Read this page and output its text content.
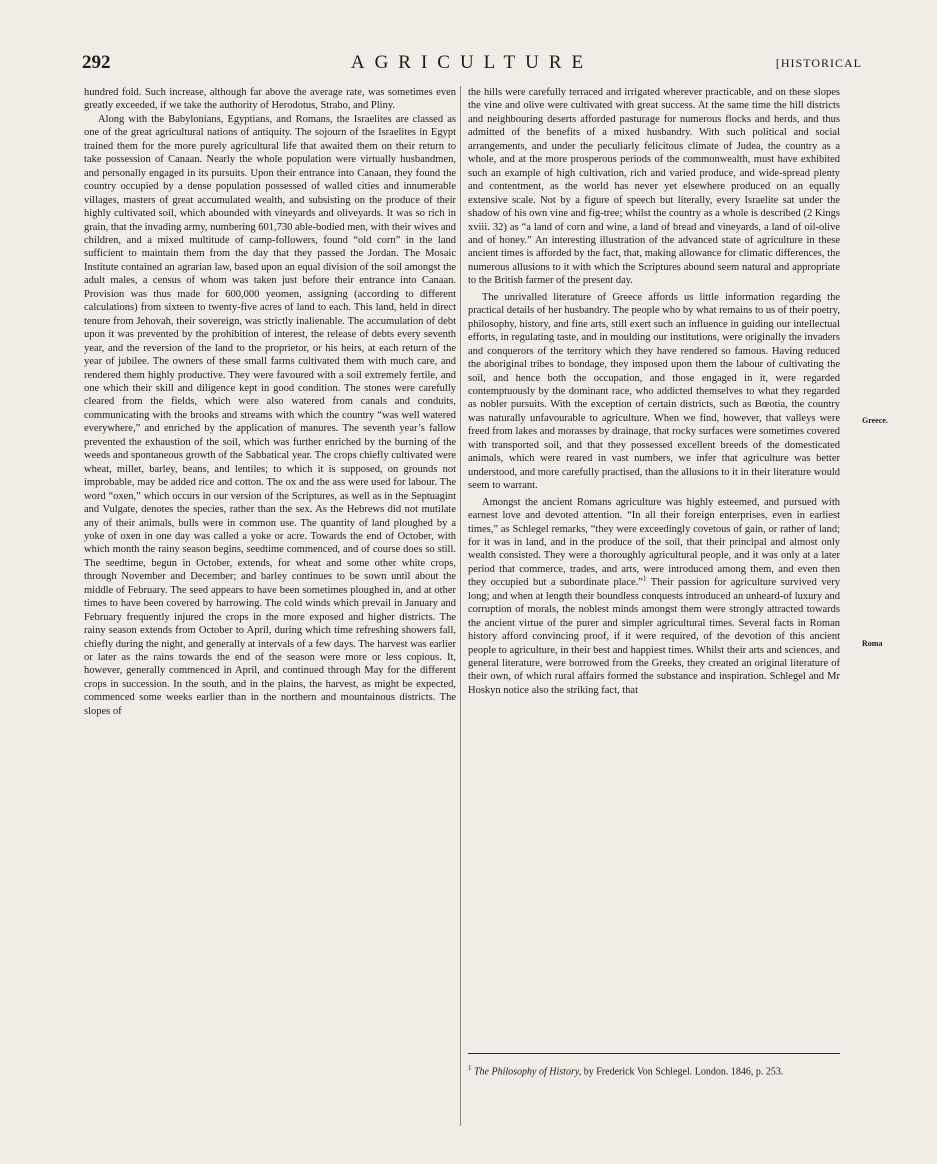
292	AGRICULTURE	[HISTORICAL

hundred fold. Such increase, although far above the average rate, was sometimes even greatly exceeded, if we take the authority of Herodotus, Strabo, and Pliny.

Along with the Babylonians, Egyptians, and Romans, the Israelites are classed as one of the great agricultural nations of antiquity. The sojourn of the Israelites in Egypt trained them for the more purely agricultural life that awaited them on their return to take possession of Canaan. Nearly the whole population were virtually husbandmen, and personally engaged in its pursuits. Upon their entrance into Canaan, they found the country occupied by a dense population possessed of walled cities and innumerable villages, masters of great accumulated wealth, and subsisting on the produce of their highly cultivated soil, which abounded with vineyards and oliveyards. It was so rich in grain, that the invading army, numbering 601,730 able-bodied men, with their wives and children, and a mixed multitude of camp-followers, found “old corn” in the land sufficient to maintain them from the day that they passed the Jordan. The Mosaic Institute contained an agrarian law, based upon an equal division of the soil amongst the adult males, a census of whom was taken just before their entrance into Canaan. Provision was thus made for 600,000 yeomen, assigning (according to different calculations) from sixteen to twenty-five acres of land to each. This land, held in direct tenure from Jehovah, their sovereign, was strictly inalienable. The accumulation of debt upon it was prevented by the prohibition of interest, the release of debts every seventh year, and the reversion of the land to the proprietor, or his heirs, at each return of the year of jubilee. The owners of these small farms cultivated them with much care, and rendered them highly productive. They were favoured with a soil extremely fertile, and one which their skill and diligence kept in good condition. The stones were carefully cleared from the fields, which were also watered from canals and conduits, communicating with the brooks and streams with which the country “was well watered everywhere,” and enriched by the application of manures. The seventh year’s fallow prevented the exhaustion of the soil, which was further enriched by the burning of the weeds and spontaneous growth of the Sabbatical year. The crops chiefly cultivated were wheat, millet, barley, beans, and lentiles; to which it is supposed, on grounds not improbable, may be added rice and cotton. The ox and the ass were used for labour. The word “oxen,” which occurs in our version of the Scriptures, as well as in the Septuagint and Vulgate, denotes the species, rather than the sex. As the Hebrews did not mutilate any of their animals, bulls were in common use. The quantity of land ploughed by a yoke of oxen in one day was called a yoke or acre. Towards the end of October, with which month the rainy season begins, seedtime commenced, and of course does so still. The seedtime, begun in October, extends, for wheat and some other white crops, through November and December; and barley continues to be sown until about the middle of February. The seed appears to have been sometimes ploughed in, and at other times to have been covered by harrowing. The cold winds which prevail in January and February frequently injured the crops in the more exposed and higher districts. The rainy season extends from October to April, during which time refreshing showers fall, chiefly during the night, and generally at intervals of a few days. The harvest was earlier or later as the rains towards the end of the season were more or less copious. It, however, generally commenced in April, and continued through May for the different crops in succession. In the south, and in the plains, the harvest, as might be expected, commenced some weeks earlier than in the northern and mountainous districts. The slopes of

the hills were carefully terraced and irrigated wherever practicable, and on these slopes the vine and olive were cultivated with great success. At the same time the hill districts and neighbouring deserts afforded pasturage for numerous flocks and herds, and thus admitted of the benefits of a mixed husbandry. With such political and social arrangements, and under the peculiarly felicitous climate of Judea, the country as a whole, and at the more prosperous periods of the commonwealth, must have exhibited such an example of high cultivation, rich and varied produce, and wide-spread plenty and contentment, as the world has never yet elsewhere produced on an equally extensive scale. Not by a figure of speech but literally, every Israelite sat under the shadow of his own vine and fig-tree; whilst the country as a whole is described (2 Kings xviii. 32) as “a land of corn and wine, a land of bread and vineyards, a land of oil-olive and of honey.” An interesting illustration of the advanced state of agriculture in these ancient times is afforded by the fact, that, making allowance for climatic differences, the numerous allusions to it with which the Scriptures abound seem natural and appropriate to the British farmer of the present day.

The unrivalled literature of Greece affords us little information regarding the practical details of her husbandry. The people who by what remains to us of their poetry, philosophy, history, and fine arts, still exert such an influence in guiding our intellectual efforts, in regulating taste, and in moulding our institutions, were originally the invaders and conquerors of the territory which they have rendered so famous. Having reduced the aboriginal tribes to bondage, they imposed upon them the labour of cultivating the soil, and hence both the occupation, and those engaged in it, were regarded contemptuously by the dominant race, who addicted themselves to what they regarded as nobler pursuits. With the exception of certain districts, such as Bœotia, the country was naturally unfavourable to agriculture. When we find, however, that valleys were freed from lakes and morasses by drainage, that rocky surfaces were sometimes covered with transported soil, and that they possessed excellent breeds of the domesticated animals, which were reared in vast numbers, we infer that agriculture was better understood, and more carefully practised, than the allusions to it in their literature would seem to warrant.

Amongst the ancient Romans agriculture was highly esteemed, and pursued with earnest love and devoted attention. “In all their foreign enterprises, even in earliest times,” as Schlegel remarks, “they were exceedingly covetous of gain, or rather of land; for it was in land, and in the produce of the soil, that their principal and almost only wealth consisted. They were a thoroughly agricultural people, and it was only at a later period that commerce, trades, and arts, were introduced among them, and even then they occupied but a subordinate place.”$^1$ Their passion for agriculture survived very long; and when at length their boundless conquests introduced an unheard-of luxury and corruption of morals, the noblest minds amongst them were strongly attracted towards the ancient virtue of the purer and simpler agricultural times. Several facts in Roman history afford convincing proof, if it were required, of the devotion of this ancient people to agriculture, in their best and happiest times. Whilst their arts and sciences, and general literature, were borrowed from the Greeks, they created an original literature of their own, of which rural affairs formed the substance and inspiration. Schlegel and Mr Hoskyn notice also the striking fact, that

Greece.
Roma
$^1$ The Philosophy of History, by Frederick Von Schlegel. London. 1846, p. 253.
